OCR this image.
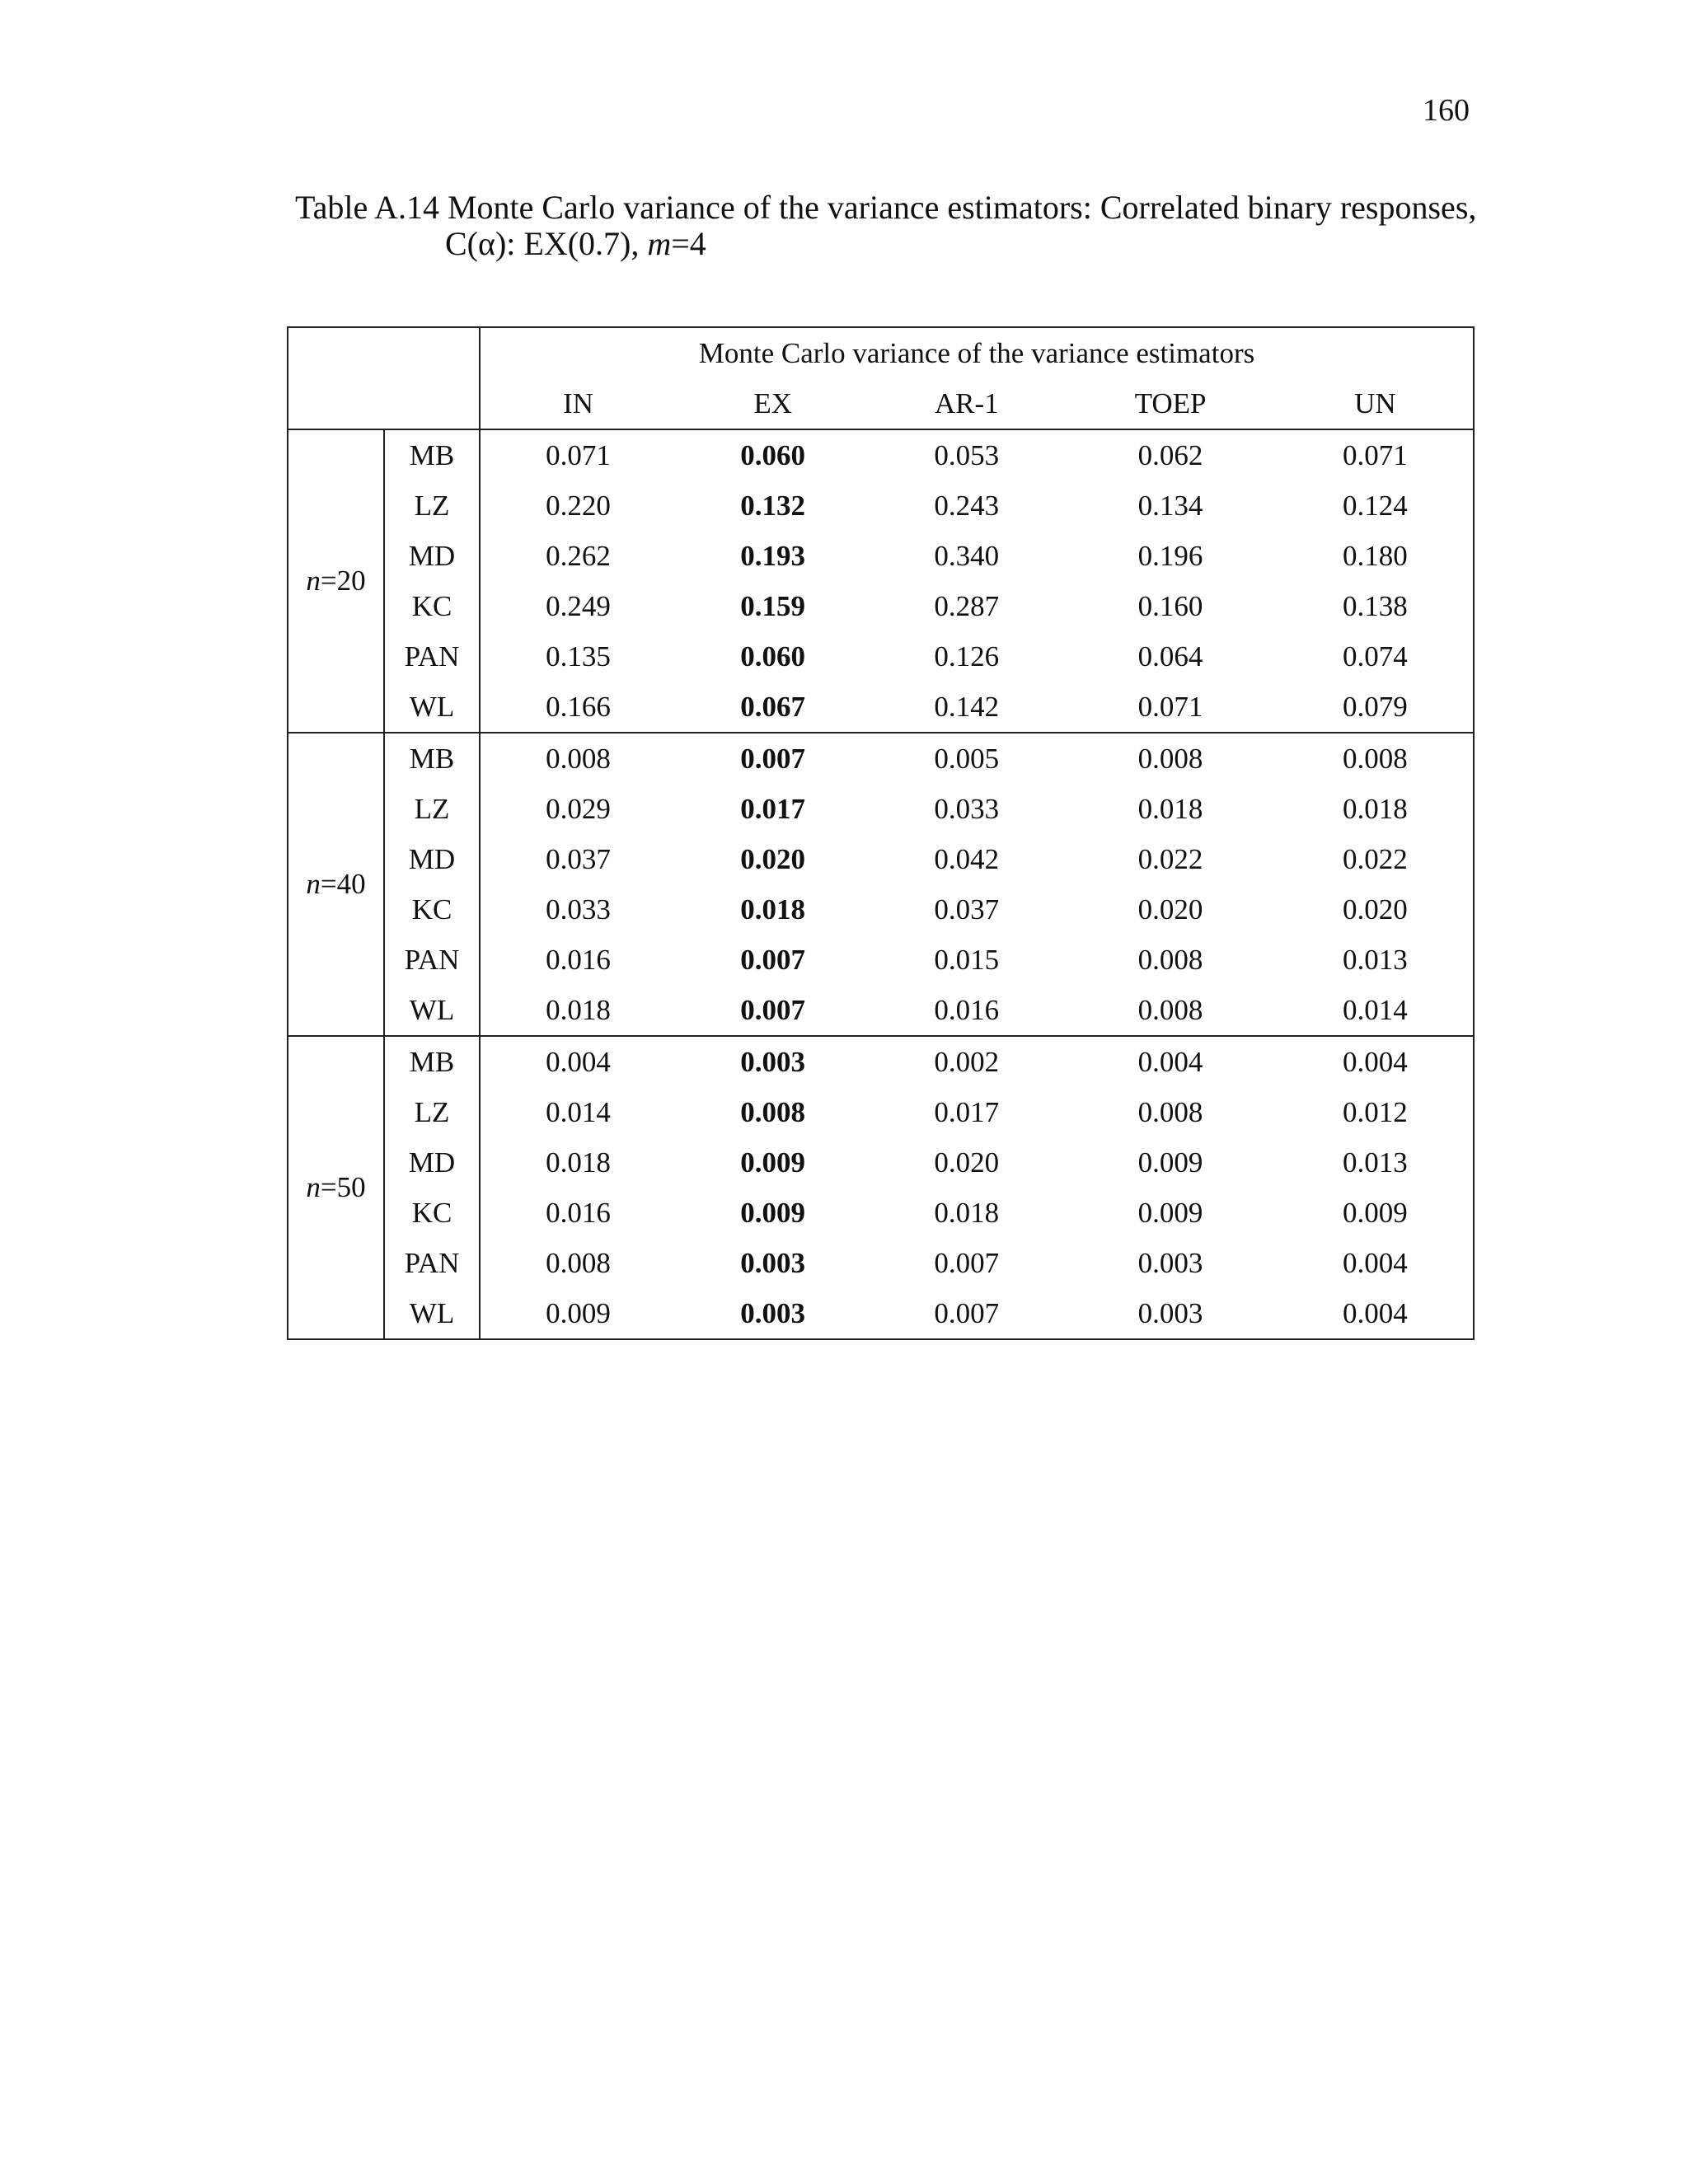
160
Table A.14 Monte Carlo variance of the variance estimators: Correlated binary responses,
C(α): EX(0.7), m=4
		Monte Carlo variance of the variance estimators				
		IN	EX	AR-1	TOEP	UN
n=20	MB	0.071	0.060	0.053	0.062	0.071
	LZ	0.220	0.132	0.243	0.134	0.124
	MD	0.262	0.193	0.340	0.196	0.180
	KC	0.249	0.159	0.287	0.160	0.138
	PAN	0.135	0.060	0.126	0.064	0.074
	WL	0.166	0.067	0.142	0.071	0.079
n=40	MB	0.008	0.007	0.005	0.008	0.008
	LZ	0.029	0.017	0.033	0.018	0.018
	MD	0.037	0.020	0.042	0.022	0.022
	KC	0.033	0.018	0.037	0.020	0.020
	PAN	0.016	0.007	0.015	0.008	0.013
	WL	0.018	0.007	0.016	0.008	0.014
n=50	MB	0.004	0.003	0.002	0.004	0.004
	LZ	0.014	0.008	0.017	0.008	0.012
	MD	0.018	0.009	0.020	0.009	0.013
	KC	0.016	0.009	0.018	0.009	0.009
	PAN	0.008	0.003	0.007	0.003	0.004
	WL	0.009	0.003	0.007	0.003	0.004
